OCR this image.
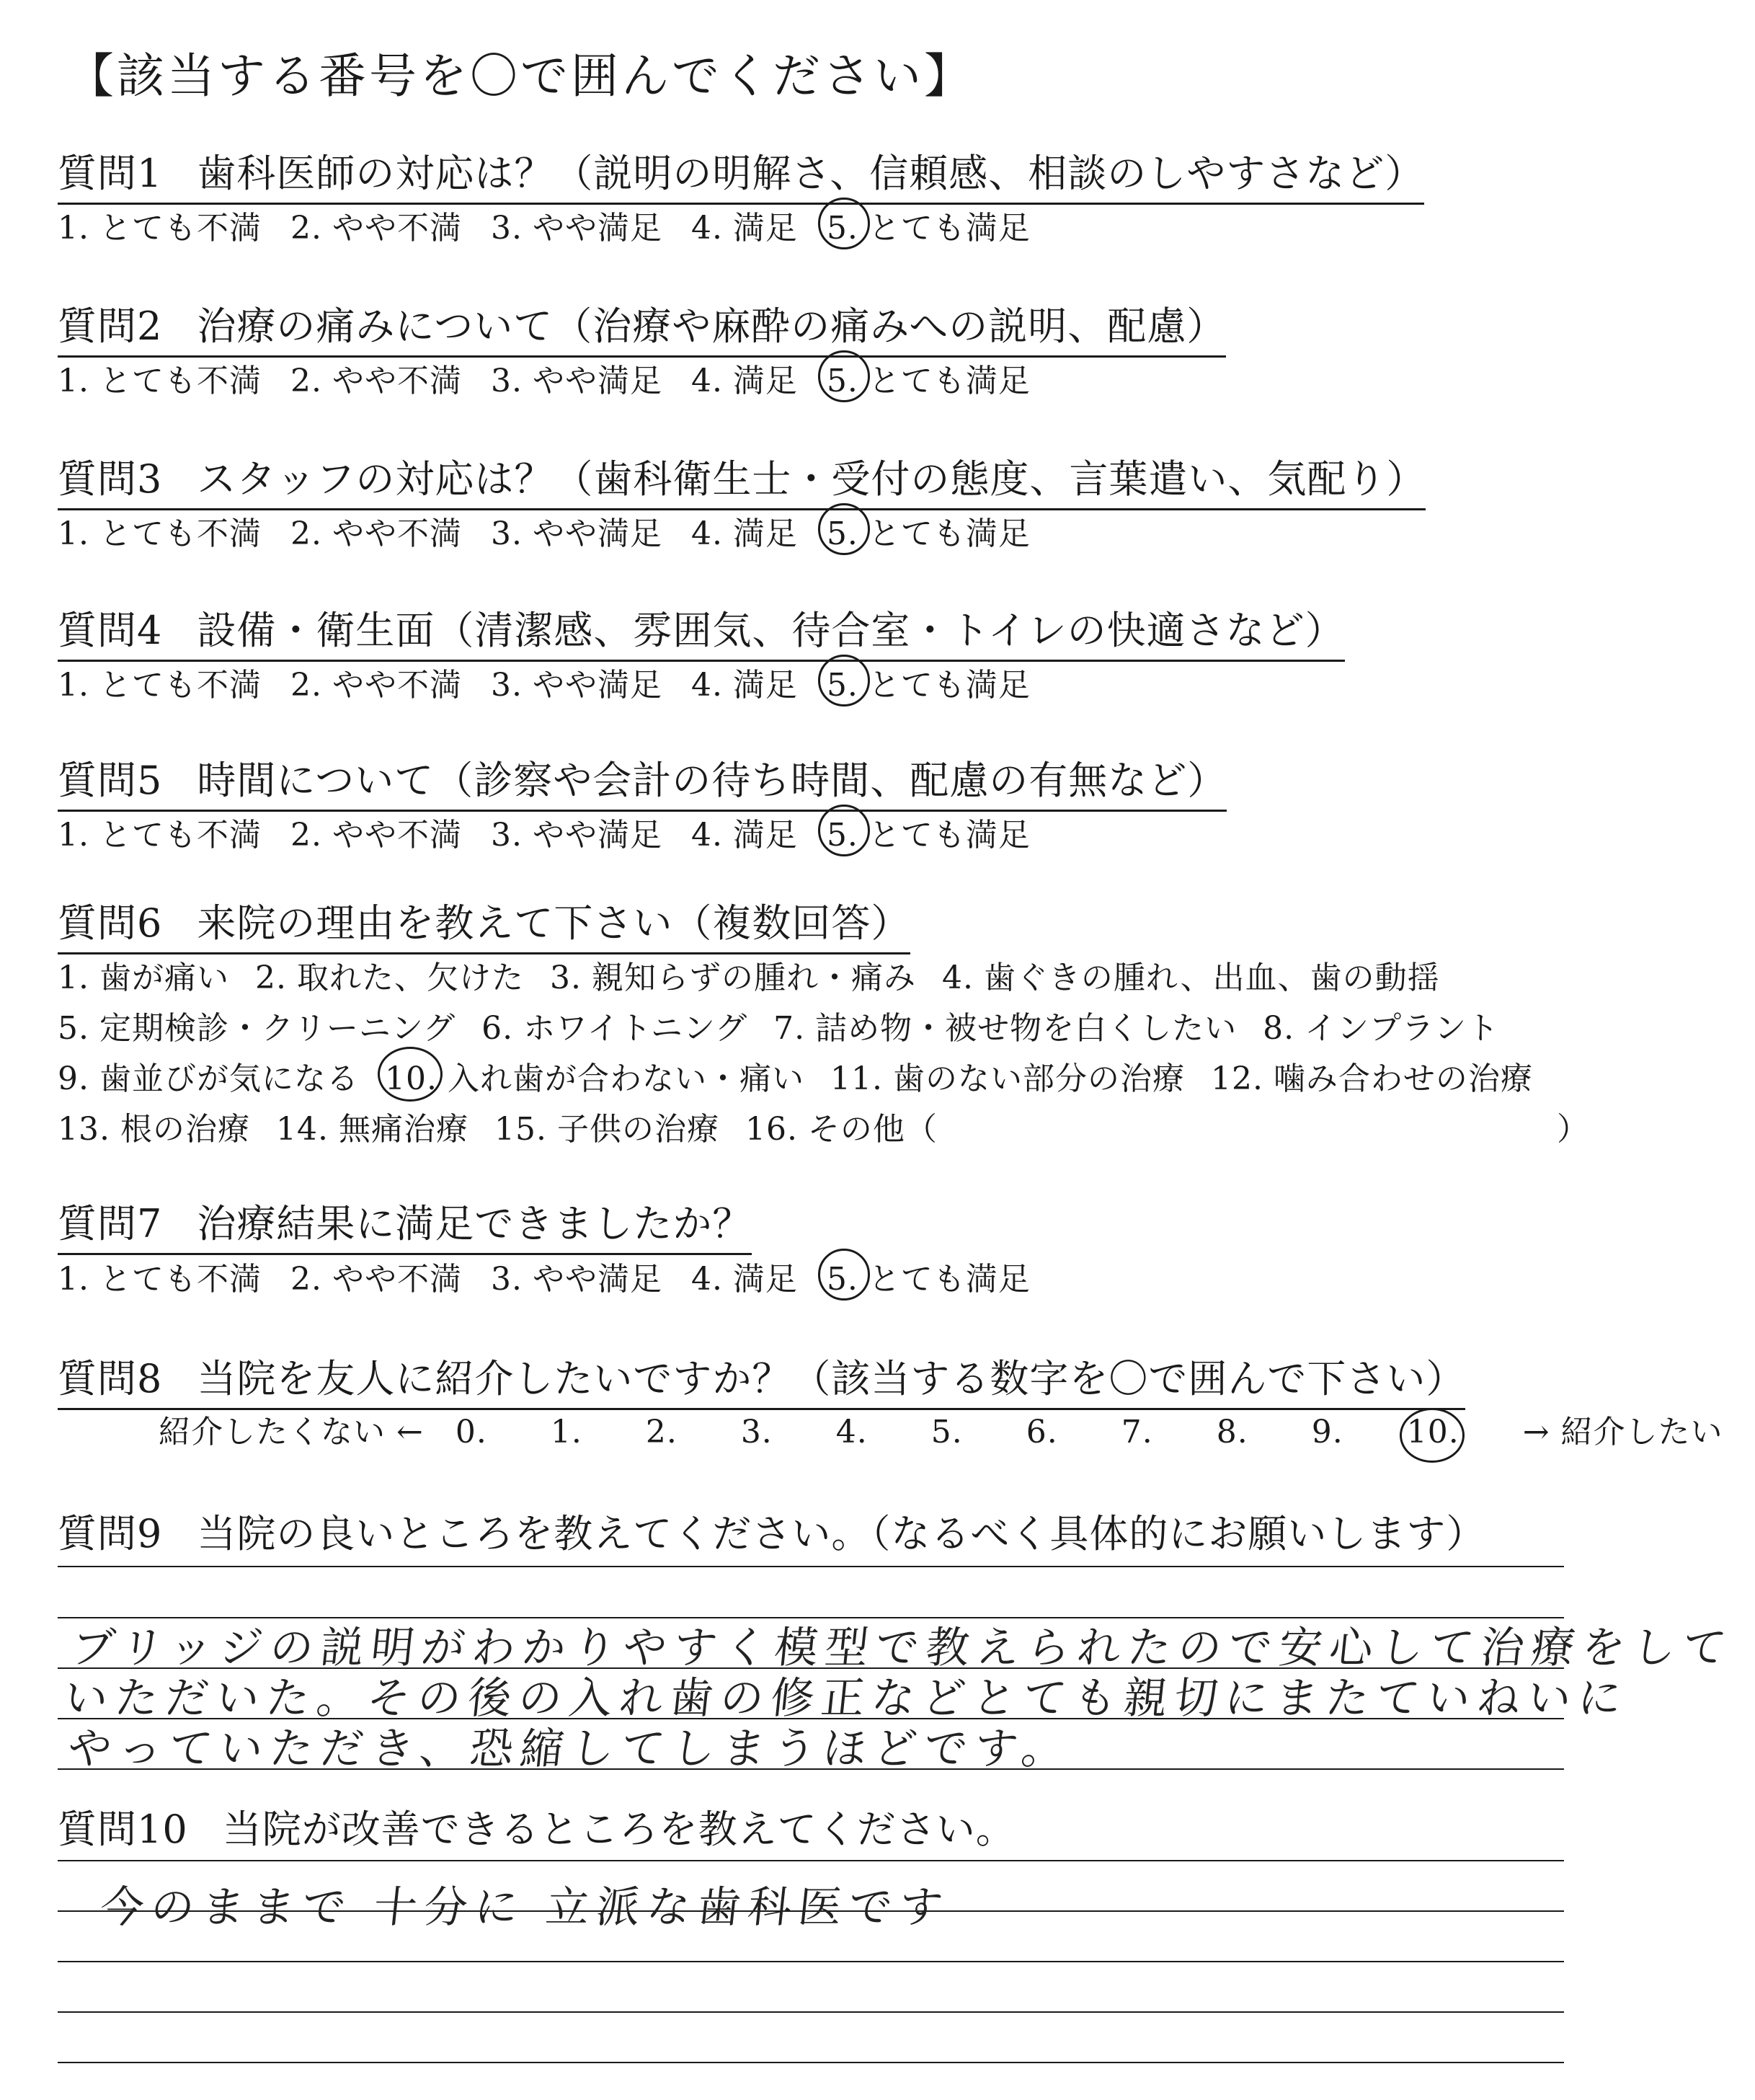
【該当する番号を〇で囲んでください】
質問1 歯科医師の対応は？（説明の明解さ、信頼感、相談のしやすさなど）
1. とても不満 2. やや不満 3. やや満足 4. 満足 5. とても満足
質問2 治療の痛みについて（治療や麻酔の痛みへの説明、配慮）
1. とても不満 2. やや不満 3. やや満足 4. 満足 5. とても満足
質問3 スタッフの対応は？（歯科衛生士・受付の態度、言葉遣い、気配り）
1. とても不満 2. やや不満 3. やや満足 4. 満足 5. とても満足
質問4 設備・衛生面（清潔感、雰囲気、待合室・トイレの快適さなど）
1. とても不満 2. やや不満 3. やや満足 4. 満足 5. とても満足
質問5 時間について（診察や会計の待ち時間、配慮の有無など）
1. とても不満 2. やや不満 3. やや満足 4. 満足 5. とても満足
質問6 来院の理由を教えて下さい（複数回答）
1. 歯が痛い 2. 取れた、欠けた 3. 親知らずの腫れ・痛み 4. 歯ぐきの腫れ、出血、歯の動揺
5. 定期検診・クリーニング 6. ホワイトニング 7. 詰め物・被せ物を白くしたい 8. インプラント
9. 歯並びが気になる 10. 入れ歯が合わない・痛い 11. 歯のない部分の治療 12. 噛み合わせの治療
13. 根の治療 14. 無痛治療 15. 子供の治療 16. その他（	）
質問7 治療結果に満足できましたか？
1. とても不満 2. やや不満 3. やや満足 4. 満足 5. とても満足
質問8 当院を友人に紹介したいですか？（該当する数字を〇で囲んで下さい）
紹介したくない ← 0. 1. 2. 3. 4. 5. 6. 7. 8. 9. 10. → 紹介したい
質問9 当院の良いところを教えてください。（なるべく具体的にお願いします）
ブリッジの説明がわかりやすく模型で教えられたので安心して治療をして
いただいた。その後の入れ歯の修正などとても親切にまたていねいに
やっていただき、恐縮してしまうほどです。
質問10 当院が改善できるところを教えてください。
今のままで 十分に 立派な歯科医です
